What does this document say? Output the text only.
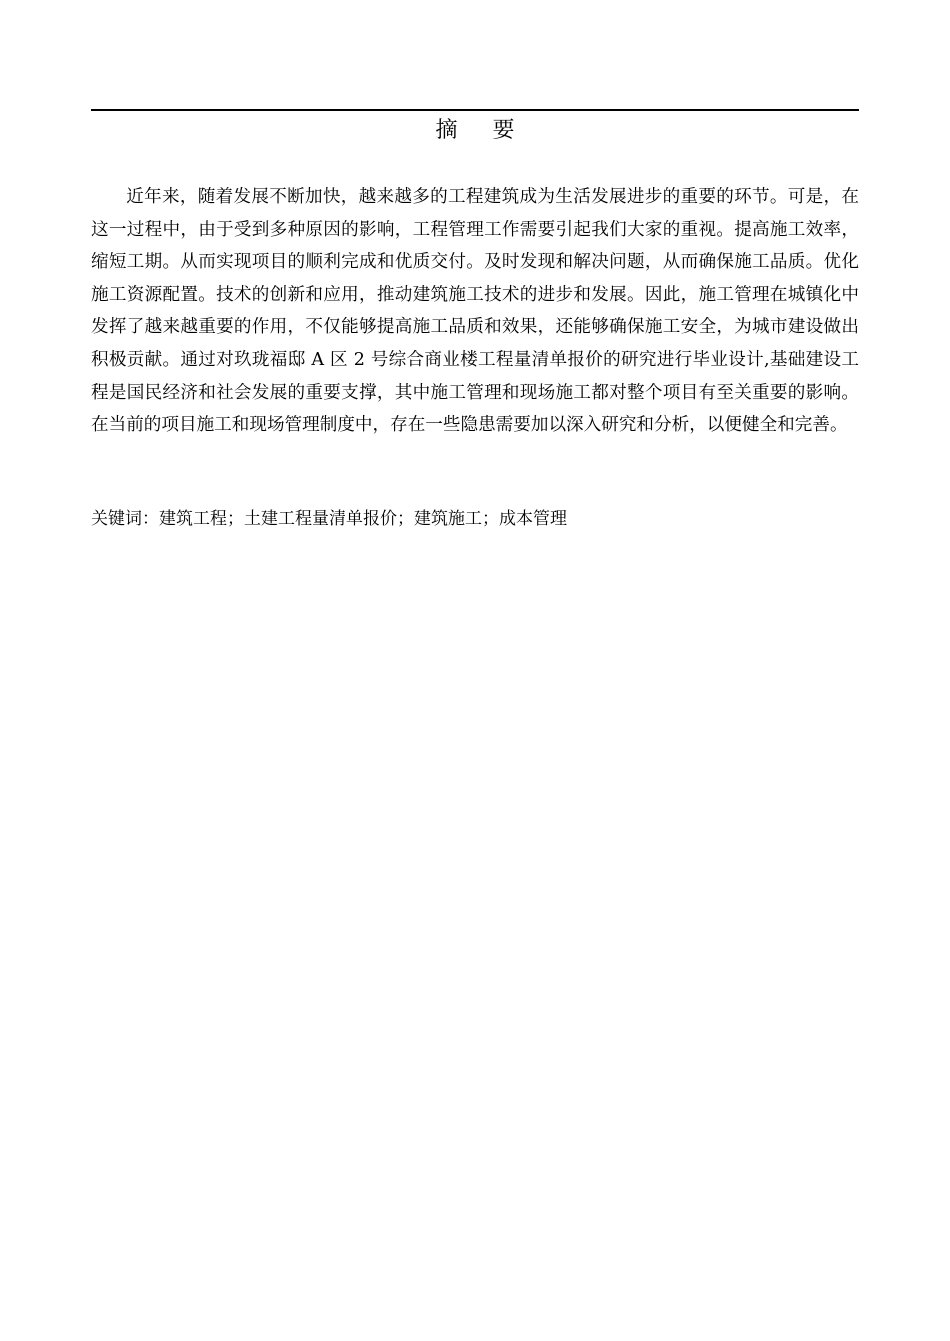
摘 要

近年来，随着发展不断加快，越来越多的工程建筑成为生活发展进步的重要的环节。可是，在这一过程中，由于受到多种原因的影响，工程管理工作需要引起我们大家的重视。提高施工效率，缩短工期。从而实现项目的顺利完成和优质交付。及时发现和解决问题，从而确保施工品质。优化施工资源配置。技术的创新和应用，推动建筑施工技术的进步和发展。因此，施工管理在城镇化中发挥了越来越重要的作用，不仅能够提高施工品质和效果，还能够确保施工安全，为城市建设做出积极贡献。通过对玖珑福邸 A 区 2 号综合商业楼工程量清单报价的研究进行毕业设计,基础建设工程是国民经济和社会发展的重要支撑，其中施工管理和现场施工都对整个项目有至关重要的影响。在当前的项目施工和现场管理制度中，存在一些隐患需要加以深入研究和分析，以便健全和完善。

关键词：建筑工程；土建工程量清单报价；建筑施工；成本管理
